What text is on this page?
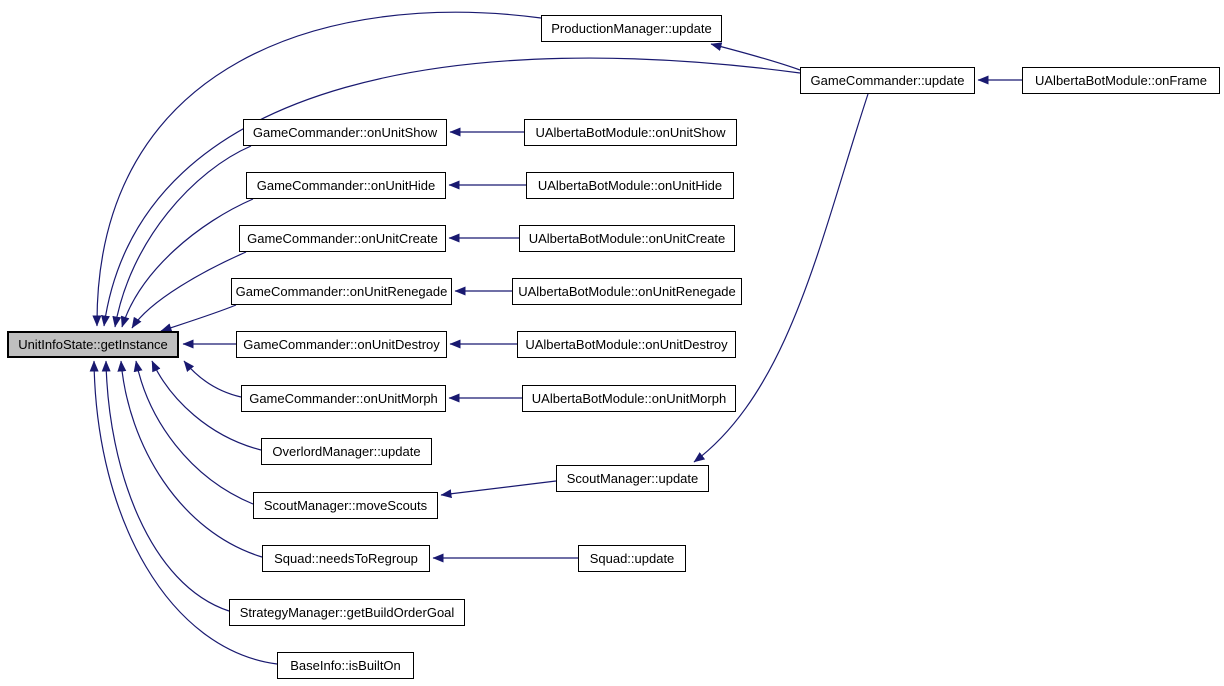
ProductionManager::update
GameCommander::update	UAlbertaBotModule::onFrame
GameCommander::onUnitShow	UAlbertaBotModule::onUnitShow
GameCommander::onUnitHide	UAlbertaBotModule::onUnitHide
GameCommander::onUnitCreate	UAlbertaBotModule::onUnitCreate
GameCommander::onUnitRenegade	UAlbertaBotModule::onUnitRenegade
UnitInfoState::getInstance	GameCommander::onUnitDestroy	UAlbertaBotModule::onUnitDestroy
GameCommander::onUnitMorph	UAlbertaBotModule::onUnitMorph
OverlordManager::update
ScoutManager::update
ScoutManager::moveScouts
Squad::needsToRegroup	Squad::update
StrategyManager::getBuildOrderGoal
BaseInfo::isBuiltOn
